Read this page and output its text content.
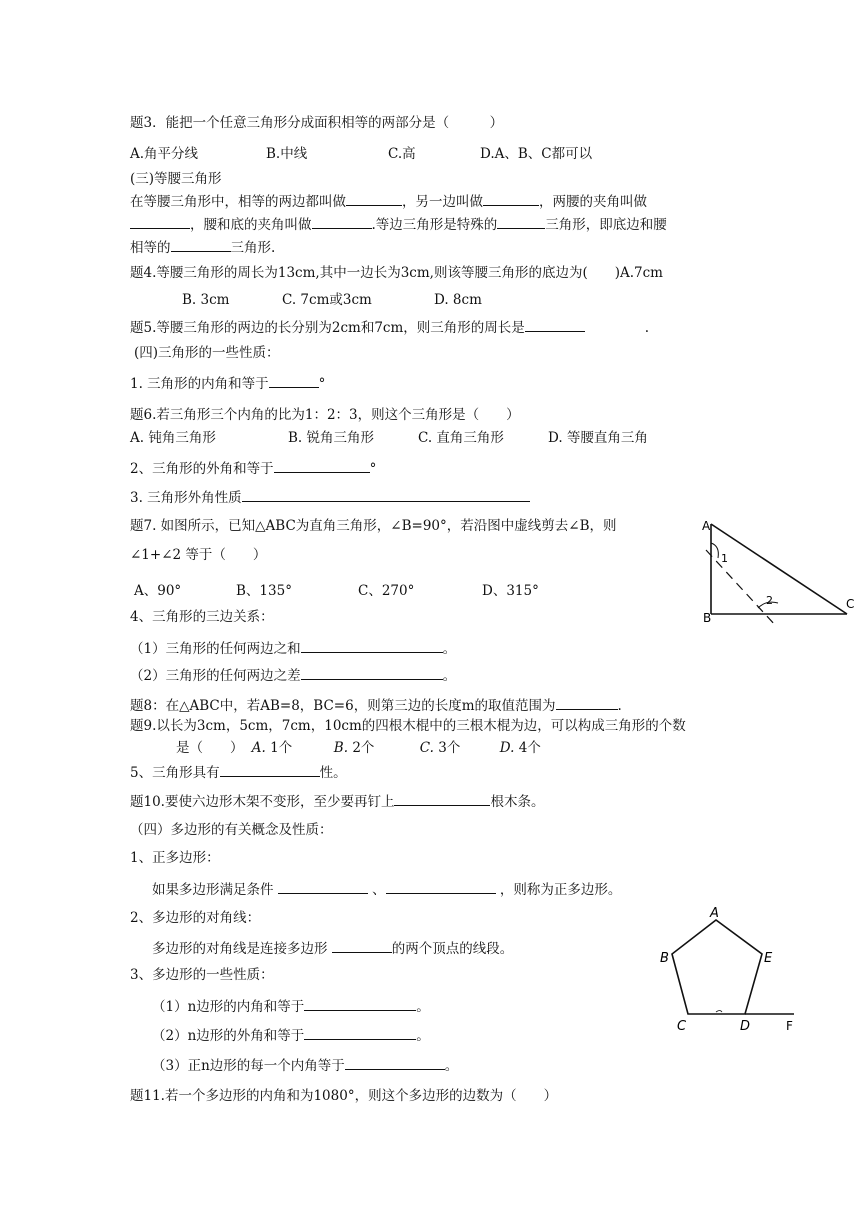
题3．能把一个任意三角形分成面积相等的两部分是（　　　）
A.角平分线	B.中线	C.高	D.A、B、C都可以
(三)等腰三角形
在等腰三角形中，相等的两边都叫做	，另一边叫做	，两腰的夹角叫做
，腰和底的夹角叫做	.等边三角形是特殊的	三角形，即底边和腰
相等的	三角形.
题4.等腰三角形的周长为13cm,其中一边长为3cm,则该等腰三角形的底边为(　　)A.7cm
B. 3cm	C. 7cm或3cm	D. 8cm
题5.等腰三角形的两边的长分别为2cm和7cm，则三角形的周长是	.
(四)三角形的一些性质：
1. 三角形的内角和等于	°
题6.若三角形三个内角的比为1：2：3，则这个三角形是（　　）
A. 钝角三角形	B. 锐角三角形	C. 直角三角形	D. 等腰直角三角
2、三角形的外角和等于	°
3. 三角形外角性质
题7. 如图所示，已知△ABC为直角三角形，∠B=90°，若沿图中虚线剪去∠B，则
∠1+∠2 等于（　　）
A、90°	B、135°	C、270°	D、315°
A
B
C
1
2
4、三角形的三边关系：
（1）三角形的任何两边之和	。
（2）三角形的任何两边之差	。
题8：在△ABC中，若AB=8，BC=6，则第三边的长度m的取值范围为	.
题9.以长为3cm，5cm，7cm，10cm的四根木棍中的三根木棍为边，可以构成三角形的个数
是（　　） A. 1个	B. 2个	C. 3个	D. 4个
5、三角形具有	性。
题10.要使六边形木架不变形，至少要再钉上	根木条。
（四）多边形的有关概念及性质：
1、正多边形：
如果多边形满足条件	、	，则称为正多边形。
2、多边形的对角线：
多边形的对角线是连接多边形	的两个顶点的线段。
3、多边形的一些性质：
（1）n边形的内角和等于	。
（2）n边形的外角和等于	。
（3）正n边形的每一个内角等于	。
A
B
C	D
E
F
题11.若一个多边形的内角和为1080°，则这个多边形的边数为（　　）
